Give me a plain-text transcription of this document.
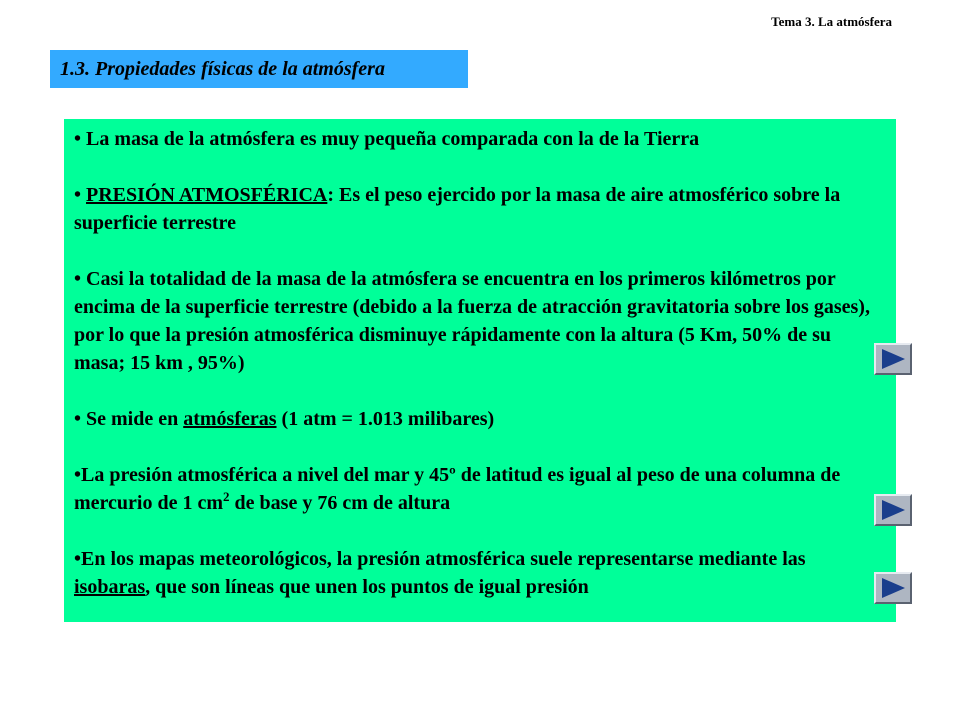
Tema 3. La atmósfera
1.3. Propiedades físicas de la atmósfera

• La masa de la atmósfera es muy pequeña comparada con la de la Tierra

• PRESIÓN ATMOSFÉRICA: Es el peso ejercido por la masa de aire atmosférico sobre la superficie terrestre

• Casi la totalidad de la masa de la atmósfera se encuentra en los primeros kilómetros por encima de la superficie terrestre (debido a la fuerza de atracción gravitatoria sobre los gases), por lo que la presión atmosférica disminuye rápidamente con la altura (5 Km, 50% de su masa; 15 km , 95%)

• Se mide en atmósferas (1 atm = 1.013 milibares)

•La presión atmosférica a nivel del mar y 45º de latitud es igual al peso de una columna de mercurio de 1 $cm^2$ de base y 76 cm de altura

•En los mapas meteorológicos, la presión atmosférica suele representarse mediante las isobaras, que son líneas que unen los puntos de igual presión
